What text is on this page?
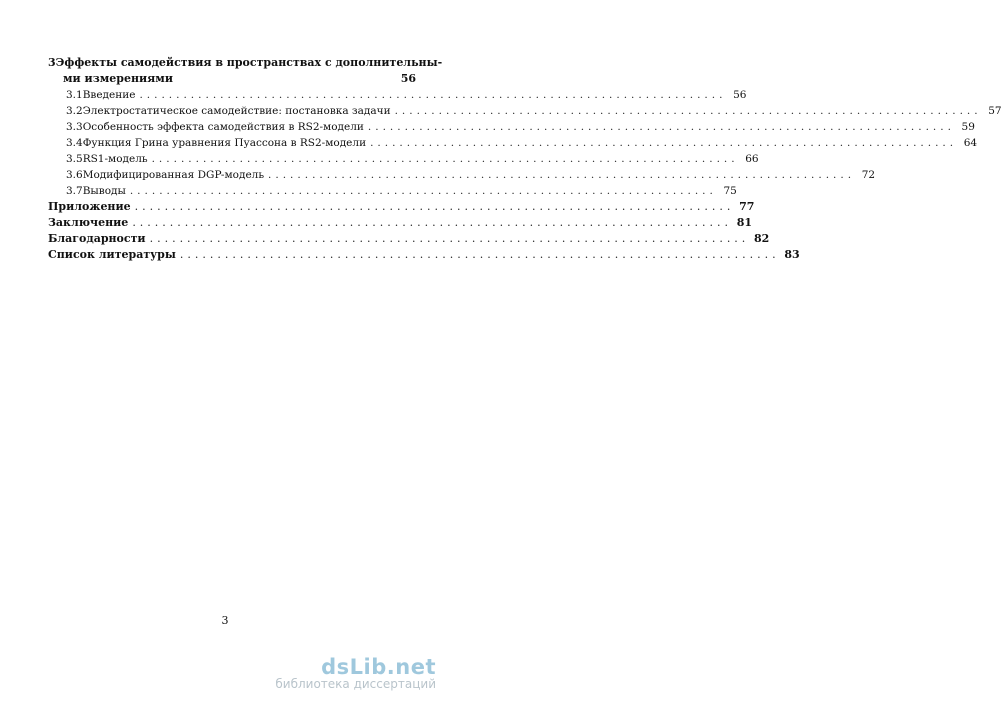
3 Эффекты самодействия в пространствах с дополнительны-
ми измерениями	56
3.1 Введение ................................................................................ 56
3.2 Электростатическое самодействие: постановка задачи ................................................................................ 57
3.3 Особенность эффекта самодействия в RS2-модели ................................................................................ 59
3.4 Функция Грина уравнения Пуассона в RS2-модели ................................................................................ 64
3.5 RS1-модель ................................................................................ 66
3.6 Модифицированная DGP-модель ................................................................................ 72
3.7 Выводы ................................................................................ 75
Приложение ................................................................................ 77
Заключение ................................................................................ 81
Благодарности ................................................................................ 82
Список литературы ................................................................................ 83
3
dsLib.net
библиотека диссертаций
